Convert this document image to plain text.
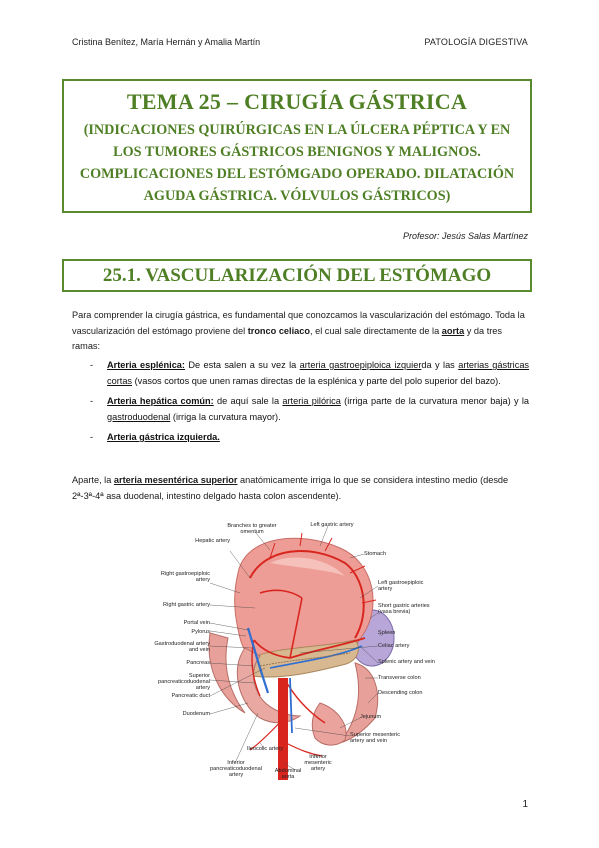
Cristina Benítez, María Hernán y Amalia Martín	PATOLOGÍA DIGESTIVA
TEMA 25 – CIRUGÍA GÁSTRICA
(INDICACIONES QUIRÚRGICAS EN LA ÚLCERA PÉPTICA Y EN LOS TUMORES GÁSTRICOS BENIGNOS Y MALIGNOS. COMPLICACIONES DEL ESTÓMGADO OPERADO. DILATACIÓN AGUDA GÁSTRICA. VÓLVULOS GÁSTRICOS)
Profesor: Jesús Salas Martínez
25.1. VASCULARIZACIÓN DEL ESTÓMAGO
Para comprender la cirugía gástrica, es fundamental que conozcamos la vascularización del estómago. Toda la vascularización del estómago proviene del tronco celiaco, el cual sale directamente de la aorta y da tres ramas:
- Arteria esplénica: De esta salen a su vez la arteria gastroepiploica izquierda y las arterias gástricas cortas (vasos cortos que unen ramas directas de la esplénica y parte del polo superior del bazo).
- Arteria hepática común: de aquí sale la arteria pilórica (irriga parte de la curvatura menor baja) y la gastroduodenal (irriga la curvatura mayor).
- Arteria gástrica izquierda.
Aparte, la arteria mesentérica superior anatómicamente irriga lo que se considera intestino medio (desde 2ª-3ª-4ª asa duodenal, intestino delgado hasta colon ascendente).
Branches to greater omentum
Left gastric artery
Stomach
Hepatic artery
Right gastroepiploic artery	Left gastroepiploic artery
Right gastric artery	Short gastric arteries (vasa brevia)
Portal vein
Spleen
Pylorus
Celiac artery
Gastroduodenal artery and vein
Splenic artery and vein
Pancreas
Transverse colon
Superior pancreaticoduodenal artery
Descending colon
Pancreatic duct
Jejunum
Duodenum
Superior mesenteric artery and vein
Ileocolic artery
Inferior mesenteric artery
Inferior pancreaticoduodenal artery
Abdominal aorta
1
